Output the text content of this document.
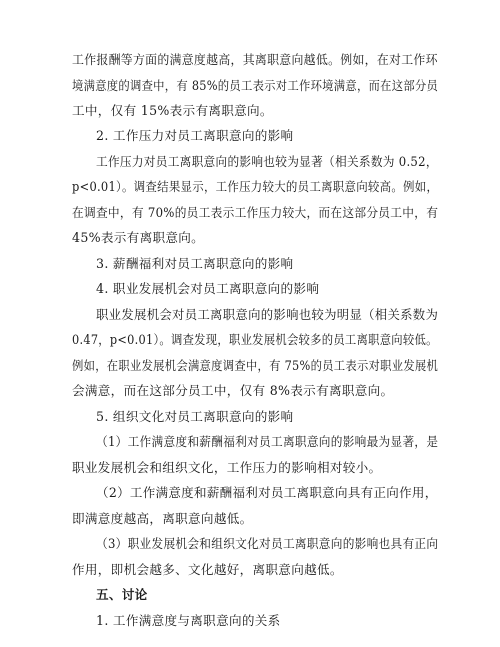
工作报酬等方面的满意度越高，其离职意向越低。例如，在对工作环
境满意度的调查中，有 85%的员工表示对工作环境满意，而在这部分员
工中，仅有 15%表示有离职意向。
2. 工作压力对员工离职意向的影响
工作压力对员工离职意向的影响也较为显著（相关系数为 0.52，
p<0.01）。调查结果显示，工作压力较大的员工离职意向较高。例如，
在调查中，有 70%的员工表示工作压力较大，而在这部分员工中，有
45%表示有离职意向。
3. 薪酬福利对员工离职意向的影响
4. 职业发展机会对员工离职意向的影响
职业发展机会对员工离职意向的影响也较为明显（相关系数为
0.47，p<0.01）。调查发现，职业发展机会较多的员工离职意向较低。
例如，在职业发展机会满意度调查中，有 75%的员工表示对职业发展机
会满意，而在这部分员工中，仅有 8%表示有离职意向。
5. 组织文化对员工离职意向的影响
（1）工作满意度和薪酬福利对员工离职意向的影响最为显著，是
职业发展机会和组织文化，工作压力的影响相对较小。
（2）工作满意度和薪酬福利对员工离职意向具有正向作用，
即满意度越高，离职意向越低。
（3）职业发展机会和组织文化对员工离职意向的影响也具有正向
作用，即机会越多、文化越好，离职意向越低。
五、讨论
1. 工作满意度与离职意向的关系
